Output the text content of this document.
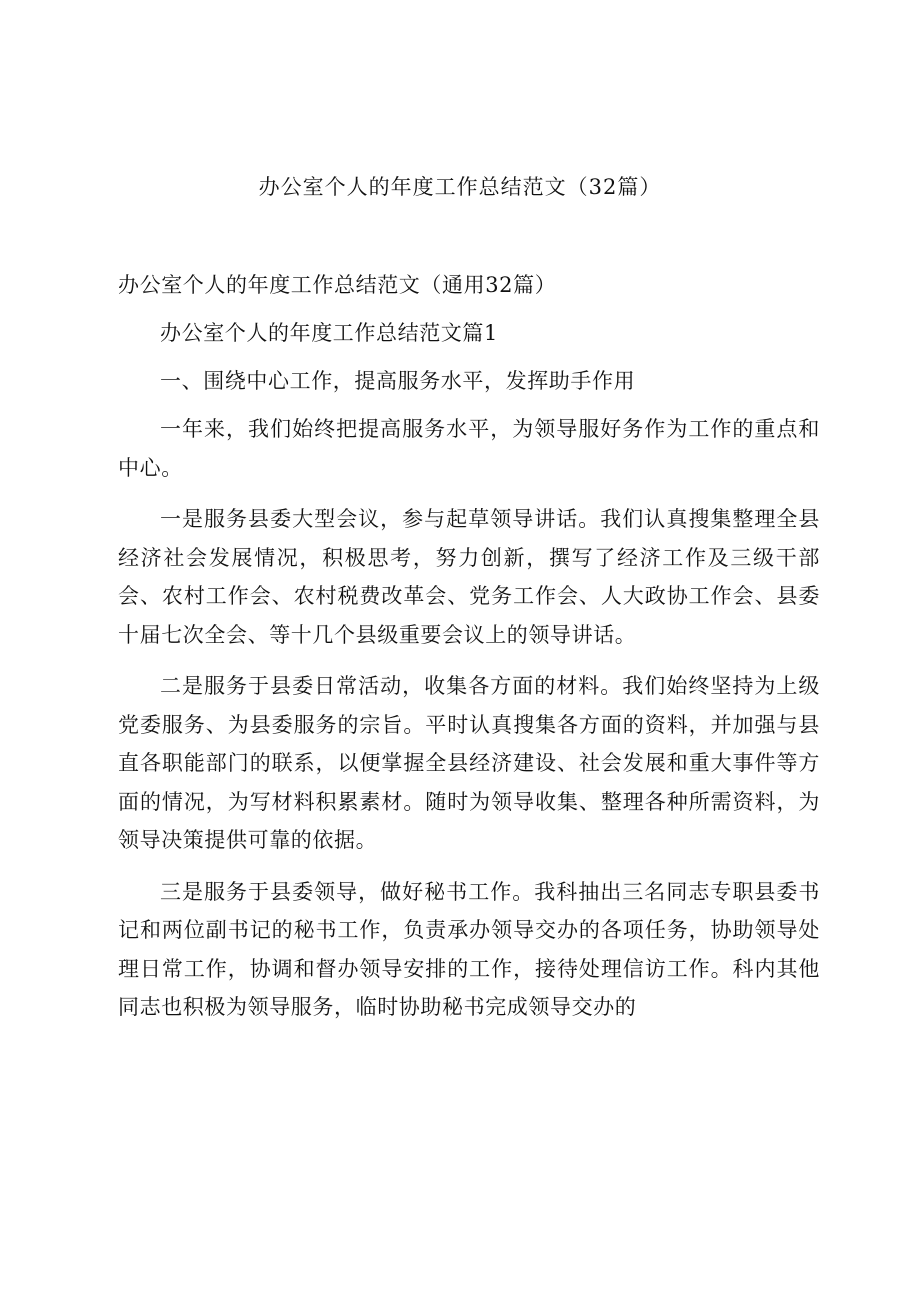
办公室个人的年度工作总结范文（32篇）

办公室个人的年度工作总结范文（通用32篇）

办公室个人的年度工作总结范文篇1

一、围绕中心工作，提高服务水平，发挥助手作用

一年来，我们始终把提高服务水平，为领导服好务作为工作的重点和中心。

一是服务县委大型会议，参与起草领导讲话。我们认真搜集整理全县经济社会发展情况，积极思考，努力创新，撰写了经济工作及三级干部会、农村工作会、农村税费改革会、党务工作会、人大政协工作会、县委十届七次全会、等十几个县级重要会议上的领导讲话。

二是服务于县委日常活动，收集各方面的材料。我们始终坚持为上级党委服务、为县委服务的宗旨。平时认真搜集各方面的资料，并加强与县直各职能部门的联系，以便掌握全县经济建设、社会发展和重大事件等方面的情况，为写材料积累素材。随时为领导收集、整理各种所需资料，为领导决策提供可靠的依据。

三是服务于县委领导，做好秘书工作。我科抽出三名同志专职县委书记和两位副书记的秘书工作，负责承办领导交办的各项任务，协助领导处理日常工作，协调和督办领导安排的工作，接待处理信访工作。科内其他同志也积极为领导服务，临时协助秘书完成领导交办的
